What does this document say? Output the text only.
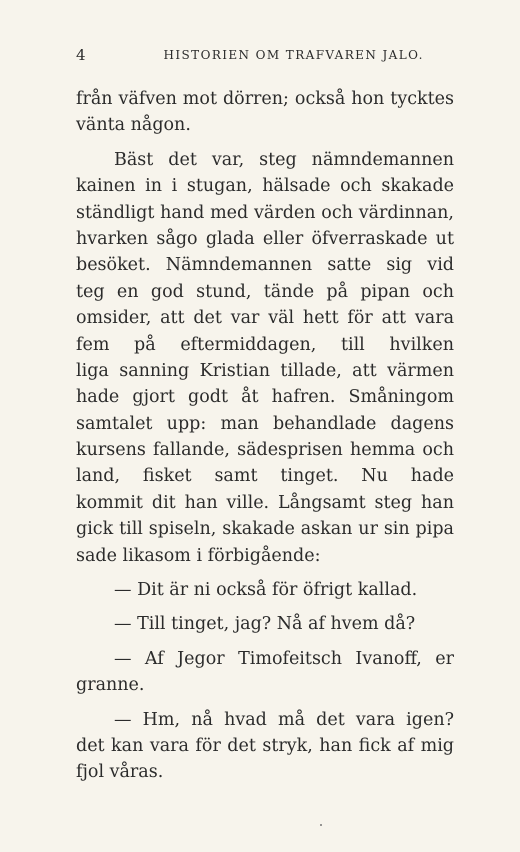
4	HISTORIEN OM TRAFVAREN JALO.
från väfven mot dörren; också hon tycktes
vänta någon.
Bäst det var, steg nämndemannen
kainen in i stugan, hälsade och skakade
ständligt hand med värden och värdinnan,
hvarken sågo glada eller öfverraskade ut
besöket. Nämndemannen satte sig vid
teg en god stund, tände på pipan och
omsider, att det var väl hett för att vara
fem på eftermiddagen, till hvilken
liga sanning Kristian tillade, att värmen
hade gjort godt åt hafren. Småningom
samtalet upp: man behandlade dagens
kursens fallande, sädesprisen hemma och
land, fisket samt tinget. Nu hade
kommit dit han ville. Långsamt steg han
gick till spiseln, skakade askan ur sin pipa
sade likasom i förbigående:
— Dit är ni också för öfrigt kallad.
— Till tinget, jag? Nå af hvem då?
— Af Jegor Timofeitsch Ivanoff, er
granne.
— Hm, nå hvad må det vara igen?
det kan vara för det stryk, han fick af mig
fjol våras.
